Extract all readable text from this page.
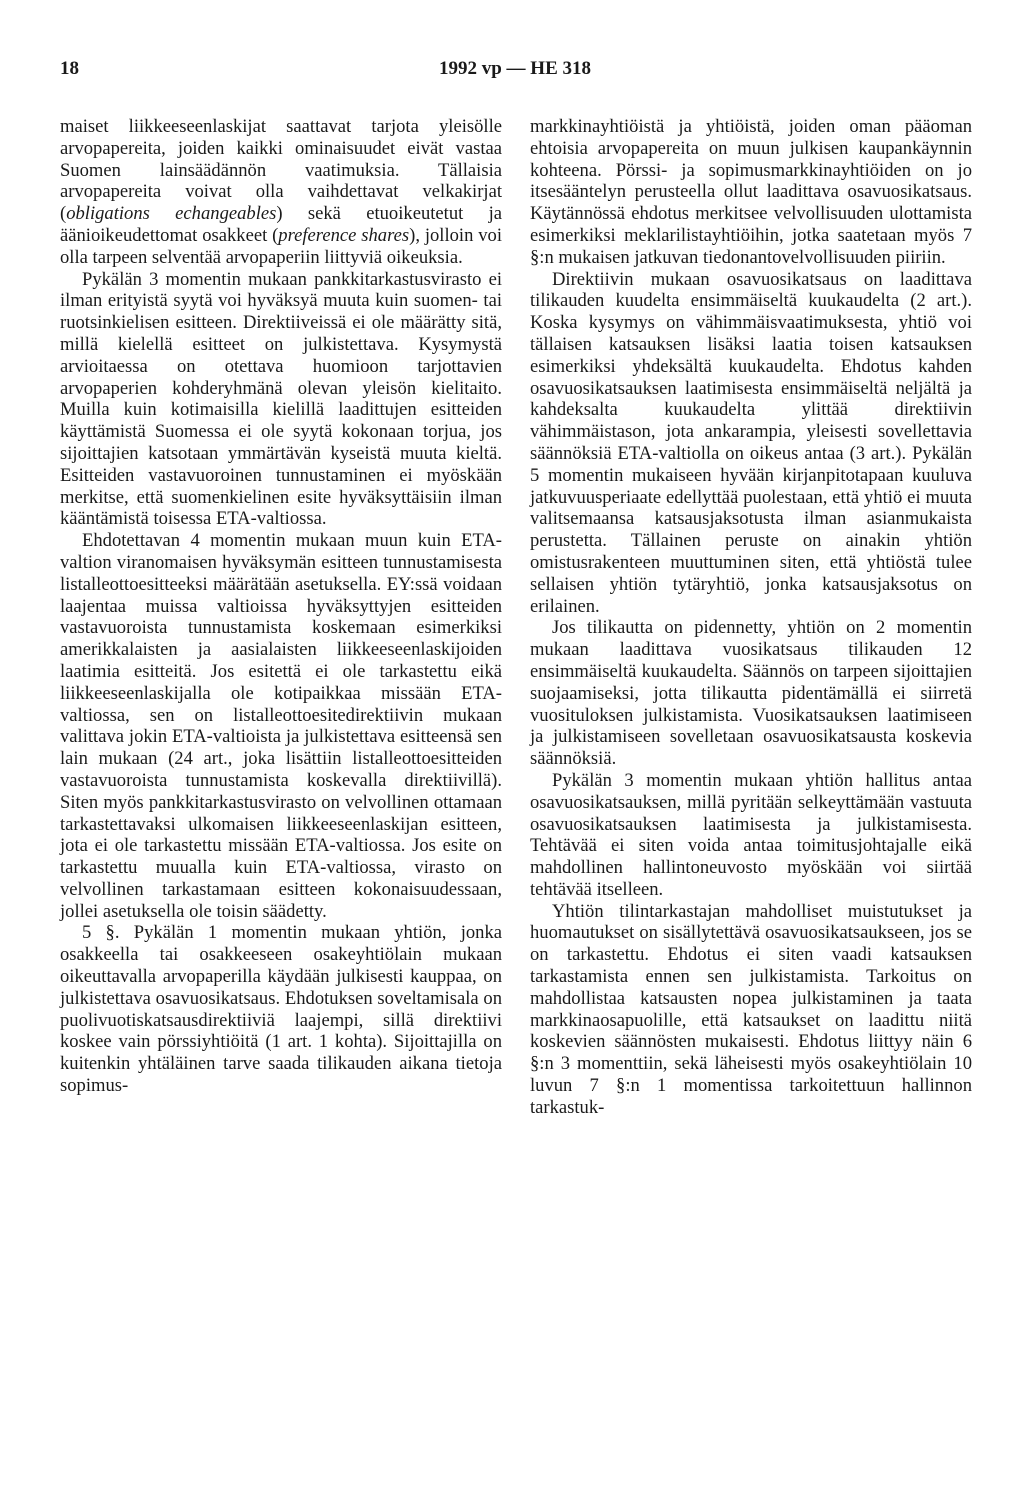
18	1992 vp — HE 318

maiset liikkeeseenlaskijat saattavat tarjota yleisölle arvopapereita, joiden kaikki ominaisuudet eivät vastaa Suomen lainsäädännön vaatimuksia. Tällaisia arvopapereita voivat olla vaihdettavat velkakirjat (obligations echangeables) sekä etuoikeutetut ja äänioikeudettomat osakkeet (preference shares), jolloin voi olla tarpeen selventää arvopaperiin liittyviä oikeuksia.

Pykälän 3 momentin mukaan pankkitarkastusvirasto ei ilman erityistä syytä voi hyväksyä muuta kuin suomen- tai ruotsinkielisen esitteen. Direktiiveissä ei ole määrätty sitä, millä kielellä esitteet on julkistettava. Kysymystä arvioitaessa on otettava huomioon tarjottavien arvopaperien kohderyhmänä olevan yleisön kielitaito. Muilla kuin kotimaisilla kielillä laadittujen esitteiden käyttämistä Suomessa ei ole syytä kokonaan torjua, jos sijoittajien katsotaan ymmärtävän kyseistä muuta kieltä. Esitteiden vastavuoroinen tunnustaminen ei myöskään merkitse, että suomenkielinen esite hyväksyttäisiin ilman kääntämistä toisessa ETA-valtiossa.

Ehdotettavan 4 momentin mukaan muun kuin ETA-valtion viranomaisen hyväksymän esitteen tunnustamisesta listalleottoesitteeksi määrätään asetuksella. EY:ssä voidaan laajentaa muissa valtioissa hyväksyttyjen esitteiden vastavuoroista tunnustamista koskemaan esimerkiksi amerikkalaisten ja aasialaisten liikkeeseenlaskijoiden laatimia esitteitä. Jos esitettä ei ole tarkastettu eikä liikkeeseenlaskijalla ole kotipaikkaa missään ETA-valtiossa, sen on listalleottoesitedirektiivin mukaan valittava jokin ETA-valtioista ja julkistettava esitteensä sen lain mukaan (24 art., joka lisättiin listalleottoesitteiden vastavuoroista tunnustamista koskevalla direktiivillä). Siten myös pankkitarkastusvirasto on velvollinen ottamaan tarkastettavaksi ulkomaisen liikkeeseenlaskijan esitteen, jota ei ole tarkastettu missään ETA-valtiossa. Jos esite on tarkastettu muualla kuin ETA-valtiossa, virasto on velvollinen tarkastamaan esitteen kokonaisuudessaan, jollei asetuksella ole toisin säädetty.

5 §. Pykälän 1 momentin mukaan yhtiön, jonka osakkeella tai osakkeeseen osakeyhtiölain mukaan oikeuttavalla arvopaperilla käydään julkisesti kauppaa, on julkistettava osavuosikatsaus. Ehdotuksen soveltamisala on puolivuotiskatsausdirektiiviä laajempi, sillä direktiivi koskee vain pörssiyhtiöitä (1 art. 1 kohta). Sijoittajilla on kuitenkin yhtäläinen tarve saada tilikauden aikana tietoja sopimus-

markkinayhtiöistä ja yhtiöistä, joiden oman pääoman ehtoisia arvopapereita on muun julkisen kaupankäynnin kohteena. Pörssi- ja sopimusmarkkinayhtiöiden on jo itsesääntelyn perusteella ollut laadittava osavuosikatsaus. Käytännössä ehdotus merkitsee velvollisuuden ulottamista esimerkiksi meklarilistayhtiöihin, jotka saatetaan myös 7 §:n mukaisen jatkuvan tiedonantovelvollisuuden piiriin.

Direktiivin mukaan osavuosikatsaus on laadittava tilikauden kuudelta ensimmäiseltä kuukaudelta (2 art.). Koska kysymys on vähimmäisvaatimuksesta, yhtiö voi tällaisen katsauksen lisäksi laatia toisen katsauksen esimerkiksi yhdeksältä kuukaudelta. Ehdotus kahden osavuosikatsauksen laatimisesta ensimmäiseltä neljältä ja kahdeksalta kuukaudelta ylittää direktiivin vähimmäistason, jota ankarampia, yleisesti sovellettavia säännöksiä ETA-valtiolla on oikeus antaa (3 art.). Pykälän 5 momentin mukaiseen hyvään kirjanpitotapaan kuuluva jatkuvuusperiaate edellyttää puolestaan, että yhtiö ei muuta valitsemaansa katsausjaksotusta ilman asianmukaista perustetta. Tällainen peruste on ainakin yhtiön omistusrakenteen muuttuminen siten, että yhtiöstä tulee sellaisen yhtiön tytäryhtiö, jonka katsausjaksotus on erilainen.

Jos tilikautta on pidennetty, yhtiön on 2 momentin mukaan laadittava vuosikatsaus tilikauden 12 ensimmäiseltä kuukaudelta. Säännös on tarpeen sijoittajien suojaamiseksi, jotta tilikautta pidentämällä ei siirretä vuosituloksen julkistamista. Vuosikatsauksen laatimiseen ja julkistamiseen sovelletaan osavuosikatsausta koskevia säännöksiä.

Pykälän 3 momentin mukaan yhtiön hallitus antaa osavuosikatsauksen, millä pyritään selkeyttämään vastuuta osavuosikatsauksen laatimisesta ja julkistamisesta. Tehtävää ei siten voida antaa toimitusjohtajalle eikä mahdollinen hallintoneuvosto myöskään voi siirtää tehtävää itselleen.

Yhtiön tilintarkastajan mahdolliset muistutukset ja huomautukset on sisällytettävä osavuosikatsaukseen, jos se on tarkastettu. Ehdotus ei siten vaadi katsauksen tarkastamista ennen sen julkistamista. Tarkoitus on mahdollistaa katsausten nopea julkistaminen ja taata markkinaosapuolille, että katsaukset on laadittu niitä koskevien säännösten mukaisesti. Ehdotus liittyy näin 6 §:n 3 momenttiin, sekä läheisesti myös osakeyhtiölain 10 luvun 7 §:n 1 momentissa tarkoitettuun hallinnon tarkastuk-
